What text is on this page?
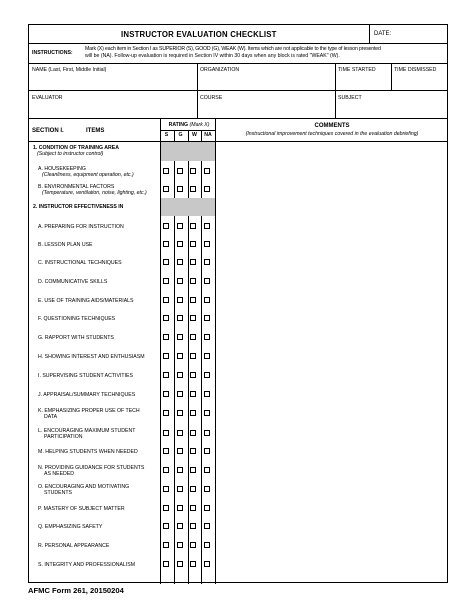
INSTRUCTOR EVALUATION CHECKLIST	DATE:
INSTRUCTIONS:
Mark (X) each item in Section I as SUPERIOR (S), GOOD (G), WEAK (W). Items which are not applicable to the type of lesson presented
will be (NA). Follow-up evaluation is required in Section IV within 30 days when any block is rated "WEAK" (W).
NAME (Last, First, Middle Initial)	ORGANIZATION	TIME STARTED	TIME DISMISSED
EVALUATOR	COURSE	SUBJECT
SECTION I.	ITEMS
RATING (Mark X)
S	G	W	NA
COMMENTS
(Instructional improvement techniques covered in the evaluation debriefing)
1. CONDITION OF TRAINING AREA
(Subject to instructor control)
A. HOUSEKEEPING
(Cleanliness, equipment operation, etc.)
B. ENVIRONMENTAL FACTORS
(Temperature, ventilation, noise, lighting, etc.)
2. INSTRUCTOR EFFECTIVENESS IN
A. PREPARING FOR INSTRUCTION
B. LESSON PLAN USE
C. INSTRUCTIONAL TECHNIQUES
D. COMMUNICATIVE SKILLS
E. USE OF TRAINING AIDS/MATERIALS
F. QUESTIONING TECHNIQUES
G. RAPPORT WITH STUDENTS
H. SHOWING INTEREST AND ENTHUSIASM
I. SUPERVISING STUDENT ACTIVITIES
J. APPRAISAL/SUMMARY TECHNIQUES
K. EMPHASIZING PROPER USE OF TECH
DATA
L. ENCOURAGING MAXIMUM STUDENT
PARTICIPATION
M. HELPING STUDENTS WHEN NEEDED
N. PROVIDING GUIDANCE FOR STUDENTS
AS NEEDED
O. ENCOURAGING AND MOTIVATING
STUDENTS
P. MASTERY OF SUBJECT MATTER
Q. EMPHASIZING SAFETY
R. PERSONAL APPEARANCE
S. INTEGRITY AND PROFESSIONALISM
AFMC Form 261, 20150204
